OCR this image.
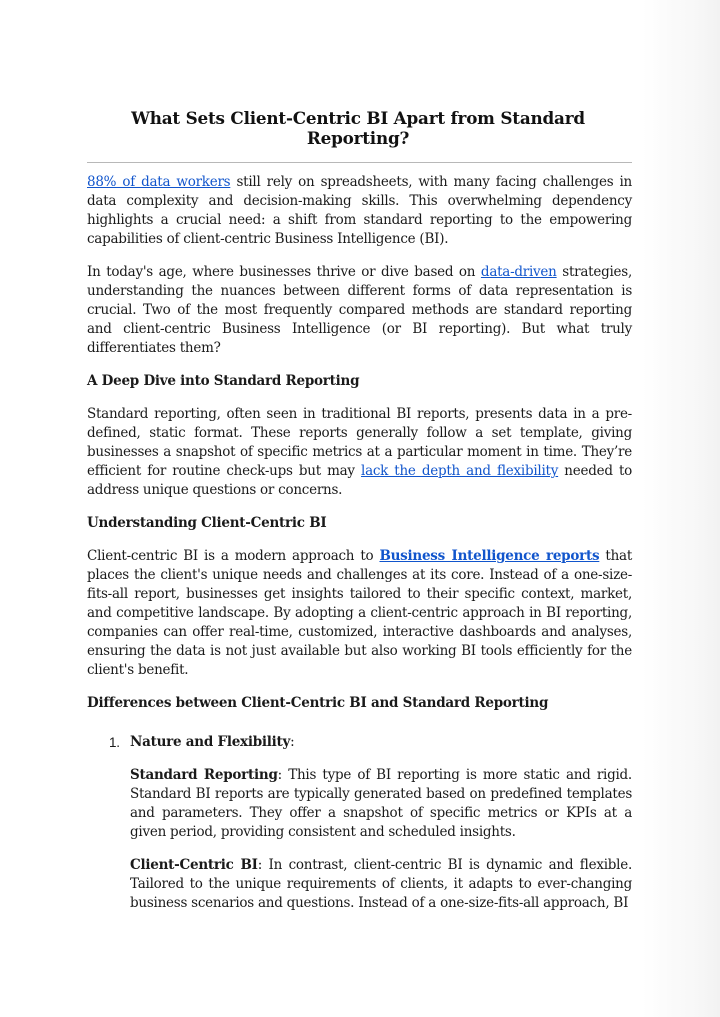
What Sets Client-Centric BI Apart from Standard Reporting?

88% of data workers still rely on spreadsheets, with many facing challenges in data complexity and decision-making skills. This overwhelming dependency highlights a crucial need: a shift from standard reporting to the empowering capabilities of client-centric Business Intelligence (BI).

In today's age, where businesses thrive or dive based on data-driven strategies, understanding the nuances between different forms of data representation is crucial. Two of the most frequently compared methods are standard reporting and client-centric Business Intelligence (or BI reporting). But what truly differentiates them?

A Deep Dive into Standard Reporting

Standard reporting, often seen in traditional BI reports, presents data in a pre-defined, static format. These reports generally follow a set template, giving businesses a snapshot of specific metrics at a particular moment in time. They’re efficient for routine check-ups but may lack the depth and flexibility needed to address unique questions or concerns.

Understanding Client-Centric BI

Client-centric BI is a modern approach to Business Intelligence reports that places the client's unique needs and challenges at its core. Instead of a one-size-fits-all report, businesses get insights tailored to their specific context, market, and competitive landscape. By adopting a client-centric approach in BI reporting, companies can offer real-time, customized, interactive dashboards and analyses, ensuring the data is not just available but also working BI tools efficiently for the client's benefit.

Differences between Client-Centric BI and Standard Reporting

1. Nature and Flexibility:

Standard Reporting: This type of BI reporting is more static and rigid. Standard BI reports are typically generated based on predefined templates and parameters. They offer a snapshot of specific metrics or KPIs at a given period, providing consistent and scheduled insights.

Client-Centric BI: In contrast, client-centric BI is dynamic and flexible. Tailored to the unique requirements of clients, it adapts to ever-changing business scenarios and questions. Instead of a one-size-fits-all approach, BI
